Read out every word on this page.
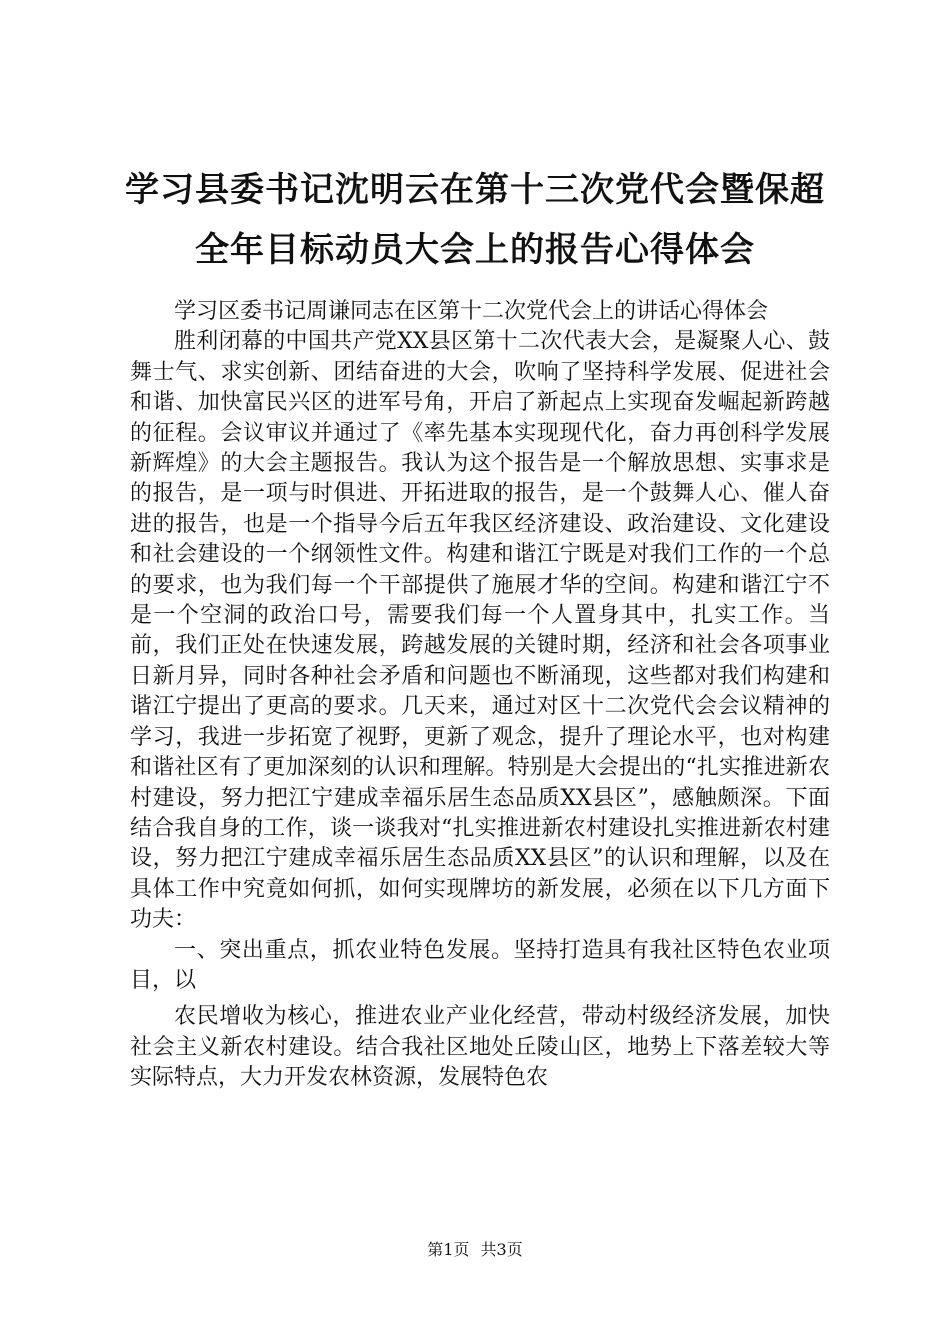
学习县委书记沈明云在第十三次党代会暨保超
全年目标动员大会上的报告心得体会

学习区委书记周谦同志在区第十二次党代会上的讲话心得体会

胜利闭幕的中国共产党XX县区第十二次代表大会，是凝聚人心、鼓舞士气、求实创新、团结奋进的大会，吹响了坚持科学发展、促进社会和谐、加快富民兴区的进军号角，开启了新起点上实现奋发崛起新跨越的征程。会议审议并通过了《率先基本实现现代化，奋力再创科学发展新辉煌》的大会主题报告。我认为这个报告是一个解放思想、实事求是的报告，是一项与时俱进、开拓进取的报告，是一个鼓舞人心、催人奋进的报告，也是一个指导今后五年我区经济建设、政治建设、文化建设和社会建设的一个纲领性文件。构建和谐江宁既是对我们工作的一个总的要求，也为我们每一个干部提供了施展才华的空间。构建和谐江宁不是一个空洞的政治口号，需要我们每一个人置身其中，扎实工作。当前，我们正处在快速发展，跨越发展的关键时期，经济和社会各项事业日新月异，同时各种社会矛盾和问题也不断涌现，这些都对我们构建和谐江宁提出了更高的要求。几天来，通过对区十二次党代会会议精神的学习，我进一步拓宽了视野，更新了观念，提升了理论水平，也对构建和谐社区有了更加深刻的认识和理解。特别是大会提出的“扎实推进新农村建设，努力把江宁建成幸福乐居生态品质XX县区”，感触颇深。下面结合我自身的工作，谈一谈我对“扎实推进新农村建设扎实推进新农村建设，努力把江宁建成幸福乐居生态品质XX县区”的认识和理解，以及在具体工作中究竟如何抓，如何实现牌坊的新发展，必须在以下几方面下功夫：

一、突出重点，抓农业特色发展。坚持打造具有我社区特色农业项目，以

农民增收为核心，推进农业产业化经营，带动村级经济发展，加快社会主义新农村建设。结合我社区地处丘陵山区，地势上下落差较大等实际特点，大力开发农林资源，发展特色农

第1页 共3页
